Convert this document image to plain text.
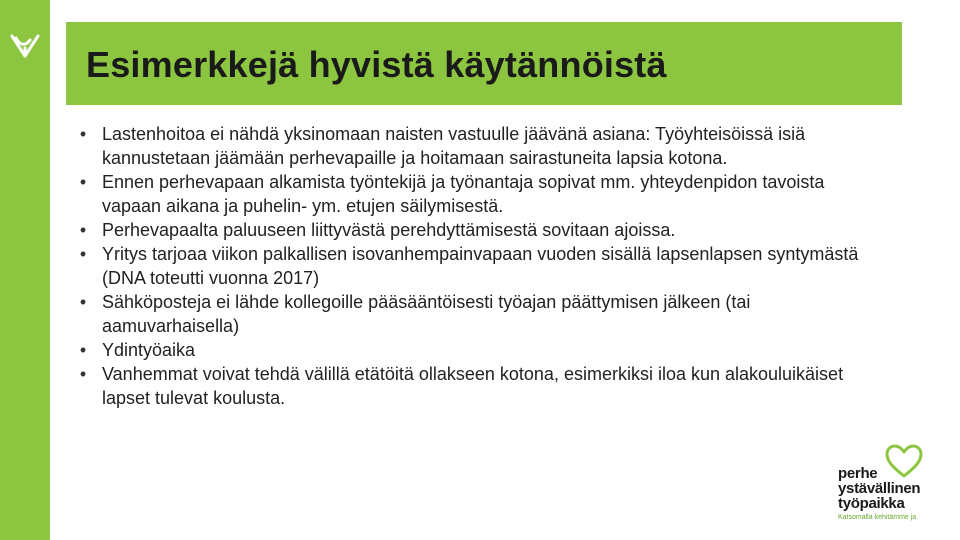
Esimerkkejä hyvistä käytännöistä
• Lastenhoitoa ei nähdä yksinomaan naisten vastuulle jäävänä asiana: Työyhteisöissä isiä kannustetaan jäämään perhevapaille ja hoitamaan sairastuneita lapsia kotona.
• Ennen perhevapaan alkamista työntekijä ja työnantaja sopivat mm. yhteydenpidon tavoista vapaan aikana ja puhelin- ym. etujen säilymisestä.
• Perhevapaalta paluuseen liittyvästä perehdyttämisestä sovitaan ajoissa.
• Yritys tarjoaa viikon palkallisen isovanhempainvapaan vuoden sisällä lapsenlapsen syntymästä (DNA toteutti vuonna 2017)
• Sähköposteja ei lähde kollegoille pääsääntöisesti työajan päättymisen jälkeen (tai aamuvarhaisella)
• Ydintyöaika
• Vanhemmat voivat tehdä välillä etätöitä ollakseen kotona, esimerkiksi iloa kun alakouluikäiset lapset tulevat koulusta.
perhe
ystävällinen
työpaikka
Katsomalla kehitämme ja
